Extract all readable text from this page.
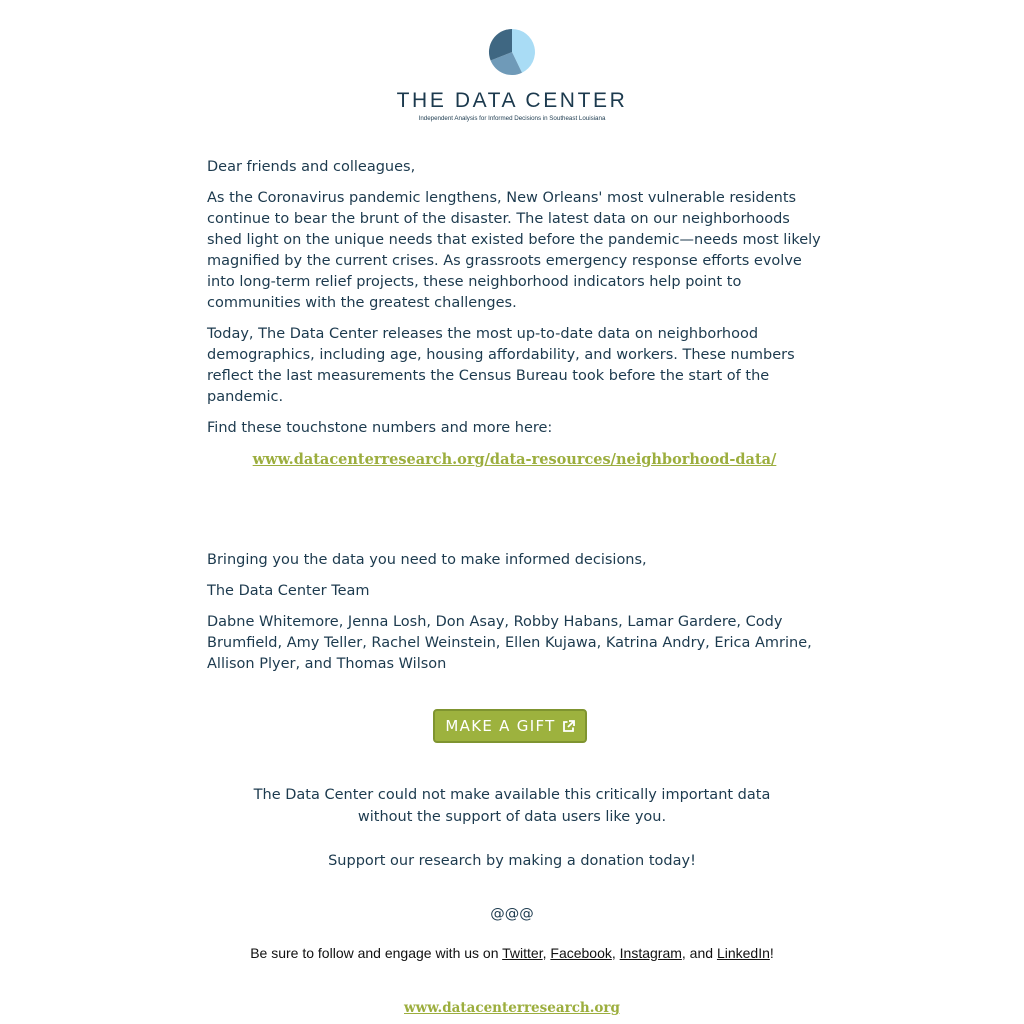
THE DATA CENTER
Independent Analysis for Informed Decisions in Southeast Louisiana

Dear friends and colleagues,

As the Coronavirus pandemic lengthens, New Orleans' most vulnerable residents continue to bear the brunt of the disaster. The latest data on our neighborhoods shed light on the unique needs that existed before the pandemic—needs most likely magnified by the current crises. As grassroots emergency response efforts evolve into long-term relief projects, these neighborhood indicators help point to communities with the greatest challenges.

Today, The Data Center releases the most up-to-date data on neighborhood demographics, including age, housing affordability, and workers. These numbers reflect the last measurements the Census Bureau took before the start of the pandemic.

Find these touchstone numbers and more here:

www.datacenterresearch.org/data-resources/neighborhood-data/

Bringing you the data you need to make informed decisions,

The Data Center Team

Dabne Whitemore, Jenna Losh, Don Asay, Robby Habans, Lamar Gardere, Cody Brumfield, Amy Teller, Rachel Weinstein, Ellen Kujawa, Katrina Andry, Erica Amrine, Allison Plyer, and Thomas Wilson

MAKE A GIFT
The Data Center could not make available this critically important data
without the support of data users like you.
Support our research by making a donation today!
@@@
Be sure to follow and engage with us on Twitter, Facebook, Instagram, and LinkedIn!
www.datacenterresearch.org
